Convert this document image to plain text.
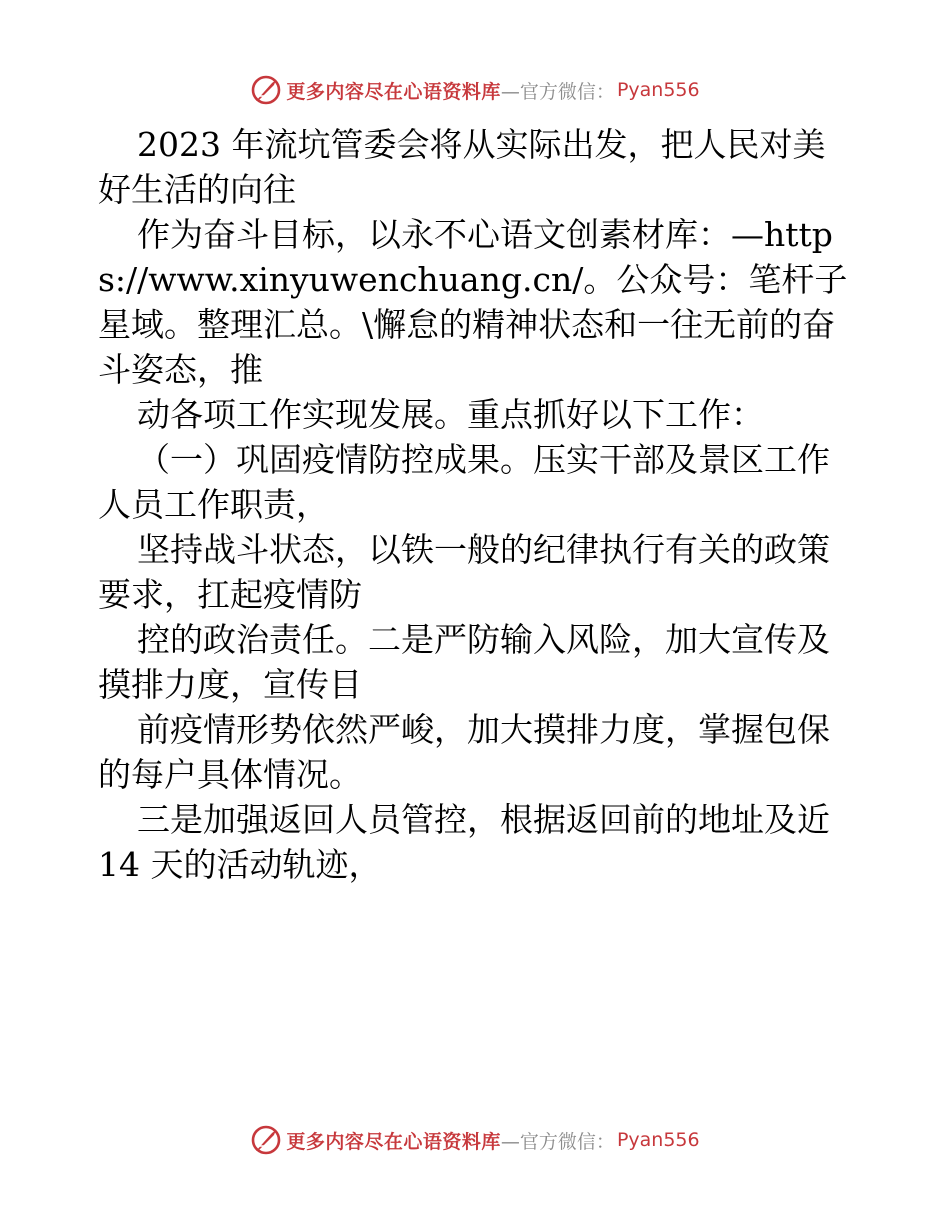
更多内容尽在心语资料库 —官方微信： Pyan556

2023 年流坑管委会将从实际出发，把人民对美好生活的向往

作为奋斗目标，以永不心语文创素材库：—https://www.xinyuwenchuang.cn/。公众号：笔杆子星域。整理汇总。\懈怠的精神状态和一往无前的奋斗姿态，推

动各项工作实现发展。重点抓好以下工作：

（一）巩固疫情防控成果。压实干部及景区工作人员工作职责，

坚持战斗状态，以铁一般的纪律执行有关的政策要求，扛起疫情防

控的政治责任。二是严防输入风险，加大宣传及摸排力度，宣传目

前疫情形势依然严峻，加大摸排力度，掌握包保的每户具体情况。

三是加强返回人员管控，根据返回前的地址及近 14 天的活动轨迹，

更多内容尽在心语资料库 —官方微信： Pyan556
